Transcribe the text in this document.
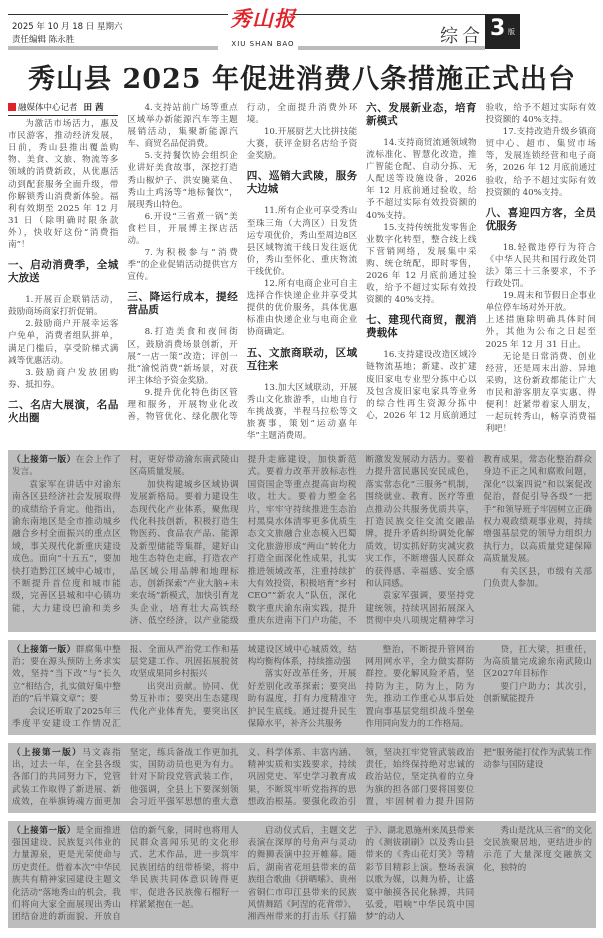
2025 年 10 月 18 日 星期六
责任编辑 陈永胜
秀山报
XIU SHAN BAO	综合 3 版
秀山县 2025 年促进消费八条措施正式出台
融媒体中心记者 田 茜

为激活市场活力，惠及市民游客，推动经济发展，日前，秀山县推出覆盖购物、美食、文旅、物流等多领域的消费新政，从优惠活动到配套服务全面升级，带你解锁秀山消费新体验。福利有效期至 2025 年 12 月 31 日（除明确时限条款外），快收好这份“消费指南”！

一、启动消费季，全城大放送

1.开展百企联销活动，鼓励商场商家打折促销。

2.鼓励商户开展幸运客户免单，消费者组队拼单，满足门槛后，享受阶梯式满减等优惠活动。

3.鼓励商户发放团购券、抵扣券。

二、名店大展演，名品火出圈

4.支持站前广场等重点区域举办新能源汽车等主题展销活动，集聚新能源汽车、商贸名品促消费。

5.支持餐饮协会组织企业讲好美食故事，深挖打造秀山椒炉子、洪安腌菜鱼、秀山土鸡汤等“地标餐饮”，展现秀山特色。

6.开设“三省煮一锅”美食栏目，开展博主探店活动。

7.为积极参与“消费季”的企业促销活动提供官方宣传。

三、降运行成本，提经营品质

8.打造美食和夜间街区，鼓励消费场景创新，开展“一店一策”改造；评创一批“渝悦消费”新场景，对获评主体给予资金奖励。

9.提升优化特色街区管理和服务，开展物业化改善，物管优化、绿化靓化等行动，全面提升消费外环境。

10.开展厨艺大比拼技能大赛，获评金厨名店给予资金奖励。

四、巡销大武陵，服务大边城

11.所有企业可享受秀山至珠三角（大湾区）日发货运专项优价，秀山至周边8区县区域物流干线日发往返优价，秀山至怀化、重庆物流干线优价。

12.所有电商企业可自主选择合作快递企业并享受其提供的优价服务，具体优惠标准由快递企业与电商企业协商确定。

五、文旅商联动，区域互往来

13.加大区域联动，开展秀山文化旅游季，山地自行车挑战赛，半程马拉松等文旅赛事，策划“运动嘉年华”主题消费周。

六、发展新业态，培育新模式

14.支持商贸流通领域物流标准化、智慧化改造，推广智能仓配、自动分拣、无人配送等设施设备，2026 年 12 月底前通过验收，给予不超过实际有效投资额的 40%支持。

15.支持传统批发零售企业数字化转型，整合线上线下营销网络，发展集中采购、统仓统配，即时零售，2026 年 12 月底前通过验收，给予不超过实际有效投资额的 40%支持。

七、建现代商贸，靓消费载体

16.支持建设改造区域冷链物流基地；新建、改扩建废旧家电专业型分拣中心以及包含废旧家电家具等业务的综合性再生资源分拣中心，2026 年 12 月底前通过验收，给予不超过实际有效投资额的 40%支持。

17.支持改造升级乡镇商贸中心、超市、集贸市场等，发展连锁经营和电子商务，2026 年 12 月底前通过验收，给予不超过实际有效投资额的 40%支持。

八、喜迎四方客，全员优服务

18.轻微违停行为符合《中华人民共和国行政处罚法》第三十三条要求，不予行政处罚。

19.周末和节假日企事业单位停车场对外开放。

上述措施除明确具体时间外，其他为公布之日起至 2025 年 12 月 31 日止。

无论是日常消费、创业经营，还是周末出游、异地采购，这份新政都能让广大市民和游客朋友享实惠、得便利！赶紧带着家人朋友，一起玩转秀山，畅享消费福利吧！

（上接第一版）在会上作了发言。

袁家军在讲话中对渝东南各区县经济社会发展取得的成绩给予肯定。他指出，渝东南地区是全市推动城乡融合乡村全面振兴的重点区域，事关现代化新重庆建设成色。面向“十五五”，要加快打造黔江区域中心城市，不断提升首位度和城市能级，完善区县城和中心镇功能，大力建设巴渝和美乡村，更好带动渝东南武陵山区高质量发展。

加快构建城乡区域协调发展新格局。要着力建设生态现代化产业体系，聚焦现代化科技创新，积极打造生物医药、食品农产品、能源及新型储能等集群，建好山地生态特色走廊，打造农产品区域公用品牌和地理标志，创新探索“产业大脑+未来农场”新模式，加快引育龙头企业，培育壮大高铁经济、低空经济，以产业能级提升走廊建设，加快新范式。要着力改革开放标志性国资国企等重点提高亩均税收，壮大。要着力塑金名片，牢牢守持续推进生态治村黑臭水体清零更多优质生态文文旅融合业态模入巴蜀文化旅游形成“两山”转化力打造全面深化性成果，扎实推进领域改革，注重持续扩大有效投资，积极培育“乡村CEO”“新农人”队伍，深化数字重庆渝东南实践，提升重庆东进南下门户功能，不断激发发展动力活力。要着力提升富民惠民安民成色，落实常态化“三服务”机制，围绕就业、教育、医疗等重点推动公共服务优质共享，打造民族交往交流交融品牌，提升矛盾纠纷调处化解质效，切实抓好防灾减灾救灾工作，不断增强人民群众的获得感、幸福感、安全感和认同感。

袁家军强调，要坚持党建统领，持续巩固拓展深入贯彻中央八项规定精神学习教育成果，常态化整治群众身边不正之风和腐败问题，深化“以案四说”和以案促改促治，督促引导各级“一把手”和领导班子牢固树立正确权力观政绩观事业观，持续增强基层党的领导力组织力执行力，以高质量党建保障高质量发展。

有关区县，市级有关部门负责人参加。

（上接第一版）群腐集中整治；要在源头预防上务求实效，坚持“当下改”与“长久立”相结合，扎实做好集中整治的“后半篇文章”；要

会议还听取了2025年三季度平安建设工作情况汇报、全面从严治党工作和基层党建工作、巩固拓展脱贫攻坚成果同乡村振兴

出突出贡献。协同、优势互补市；要突出生态建现代化产业体育先，要突出区域建设区域中心城质效，结构均衡构体系，持续推动强

落实好改革任务，开展好差别化改革探索；要突出助有温度，打有力度精准守护民生底线。通过提升民生保障水平，补齐公共服务

整治，不断提升管网治网用网水平，全力做实群防群控。要化解风险矛盾，坚持防为主，防为上，防为先，推动工作重心从事后处置向事基层党组织战斗堡垒作用同向发力的工作格局。

贷，扛大梁，担重任，为高质量完成渝东南武陵山区2027年目标作

要门户助力；其次引，创新赋能提升

（上接第一版）马文森指出，过去一年，在全县各级各部门的共同努力下，党管武装工作取得了新进展、新成效，在举旗铸魂方面更加坚定，练兵备战工作更加扎实，国防动员也更为有力。针对下阶段党管武装工作，他强调，全县上下要深刻领会习近平强军思想的重大意义、科学体系、丰富内涵、精神实质和实践要求，持续巩固党史、军史学习教育成果，不断筑牢听党指挥的思想政治根基。要强化政治引领，坚决扛牢党管武装政治责任，始终保持绝对忠诚的政治站位，坚定执着的立身为旗的担各部门要将国要位置，牢固树着力提升国防把“服务能打仗作为武装工作动参与国防建设

（上接第一版）是全面推进强国建设、民族复兴伟业的力量源泉，更是光荣使命与历史责任。借着本次“中华民族共有精神家园建设主题文化活动”落地秀山的机会，我们将向大家全面展现出秀山团结奋进的新面貌、开放自信的新气象，同时也将用人民群众喜闻乐见的文化形式、艺术作品，进一步筑牢民族团结的纽带桥梁，将中华民族共同体意识铸得更牢，促进各民族像石榴籽一样紧紧抱在一起。

启动仪式后，主题文艺表演在深厚的号角声与灵动的舞狮表演中拉开帷幕。随后，湖南省花垣县带来的苗族组合歌曲《拼晒嗦》、贵州省铜仁市印江县带来的民族风情舞蹈《阿涅的花背带》、湘西州带来的打击乐《打猫子》、湖北恩施州来凤县带来的《测钹刷刷》以及秀山县带来的《秀山花灯笑》等精彩节目精彩上演。整场表演以歌为媒，以舞为桥，让盛宴中触摸各民化脉搏，共同弘爱，唱响“中华民筑中国梦”的动人

秀山是沈从三省”的文化交民族聚居地，更结进步的示范了大量深度交融族文化，独特的
